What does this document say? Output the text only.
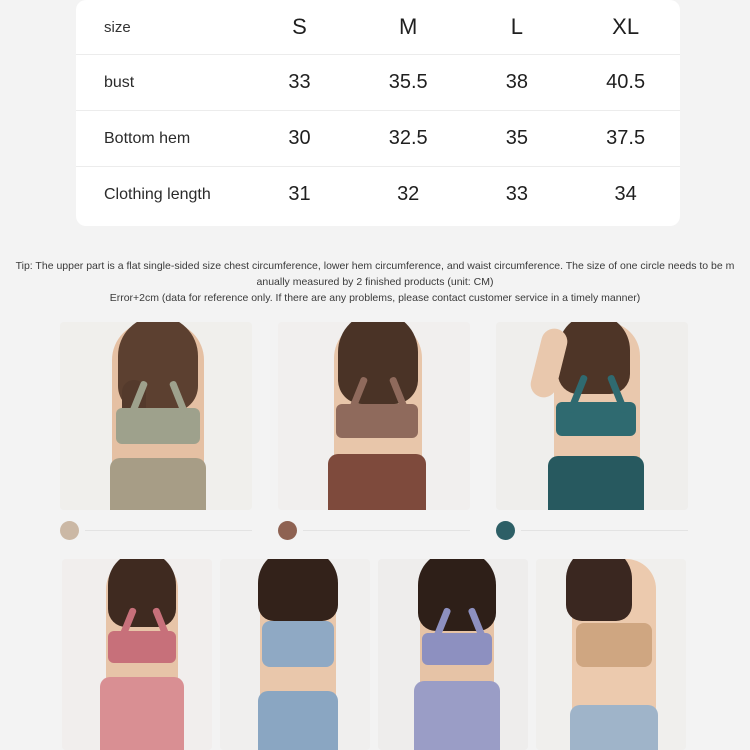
size	S	M	L	XL
bust	33	35.5	38	40.5
Bottom hem	30	32.5	35	37.5
Clothing length	31	32	33	34
Tip: The upper part is a flat single-sided size chest circumference, lower hem circumference, and waist circumference. The size of one circle needs to be m
anually measured by 2 finished products (unit: CM)
Error+2cm (data for reference only. If there are any problems, please contact customer service in a timely manner)
